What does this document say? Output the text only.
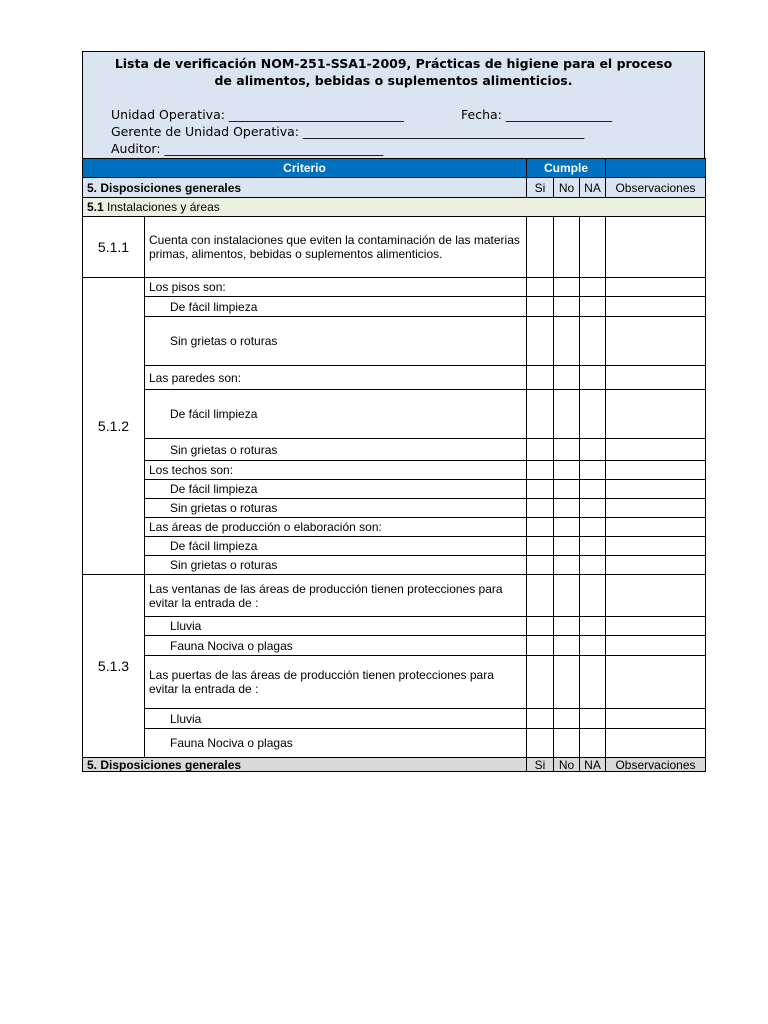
Lista de verificación NOM-251-SSA1-2009, Prácticas de higiene para el proceso
de alimentos, bebidas o suplementos alimenticios.
Unidad Operativa: ____________________________	Fecha: _________________
Gerente de Unidad Operativa: _____________________________________________
Auditor: ___________________________________
Criterio		Cumple			
5. Disposiciones generales		Si	No	NA	Observaciones
5.1 Instalaciones y áreas					
5.1.1	Cuenta con instalaciones que eviten la contaminación de las materias primas, alimentos, bebidas o suplementos alimenticios.				
5.1.2	Los pisos son:				
	De fácil limpieza				
	Sin grietas o roturas				
	Las paredes son:				
	De fácil limpieza				
	Sin grietas o roturas				
	Los techos son:				
	De fácil limpieza				
	Sin grietas o roturas				
	Las áreas de producción o elaboración son:				
	De fácil limpieza				
	Sin grietas o roturas				
5.1.3	Las ventanas de las áreas de producción tienen protecciones para evitar la entrada de :				
	Lluvia				
	Fauna Nociva o plagas				
	Las puertas de las áreas de producción tienen protecciones para evitar la entrada de :				
	Lluvia				
	Fauna Nociva o plagas				
5. Disposiciones generales		Si	No	NA	Observaciones
